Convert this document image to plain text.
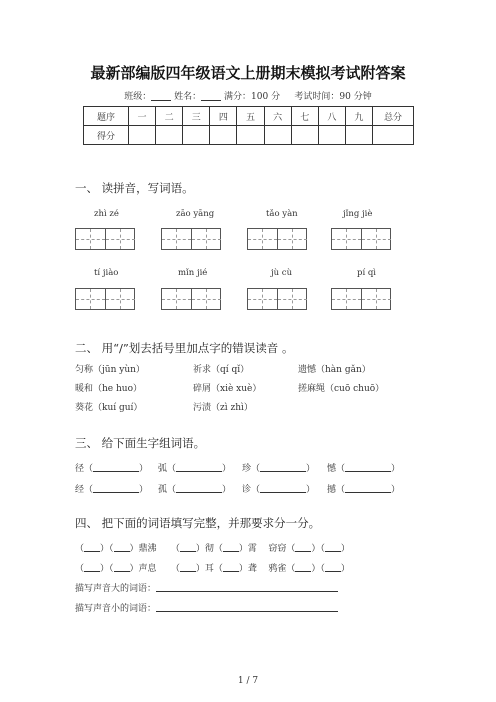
最新部编版四年级语文上册期末模拟考试附答案
班级：	姓名：	满分：100 分 考试时间：90 分钟
题序	一	二	三	四	五	六	七	八	九	总分
得分										
一、 读拼音，写词语。
zhì zé	zāo yāng	tǎo yàn	jǐng jiè
tí jiào	mǐn jié	jù cù	pí qì
二、 用“/”划去括号里加点字的错误读音 。
匀称（jūn yùn）	祈求（qí qǐ）	遗憾（hàn gǎn）
暖和（he huo）	碎屑（xiè xuè）	搓麻绳（cuō chuō）
葵花（kuí guí）	污渍（zì zhì）
三、 给下面生字组词语。
径（	） 弧（	） 珍（	） 憾（	）
经（	） 孤（	） 诊（	） 撼（	）
四、 把下面的词语填写完整，并那要求分一分。
（ ）（ ）鼎沸 （ ）彻（ ）霄 窃窃（ ）（ ）
（ ）（ ）声息 （ ）耳（ ）聋 鸦雀（ ）（ ）
描写声音大的词语：
描写声音小的词语：
1 / 7
